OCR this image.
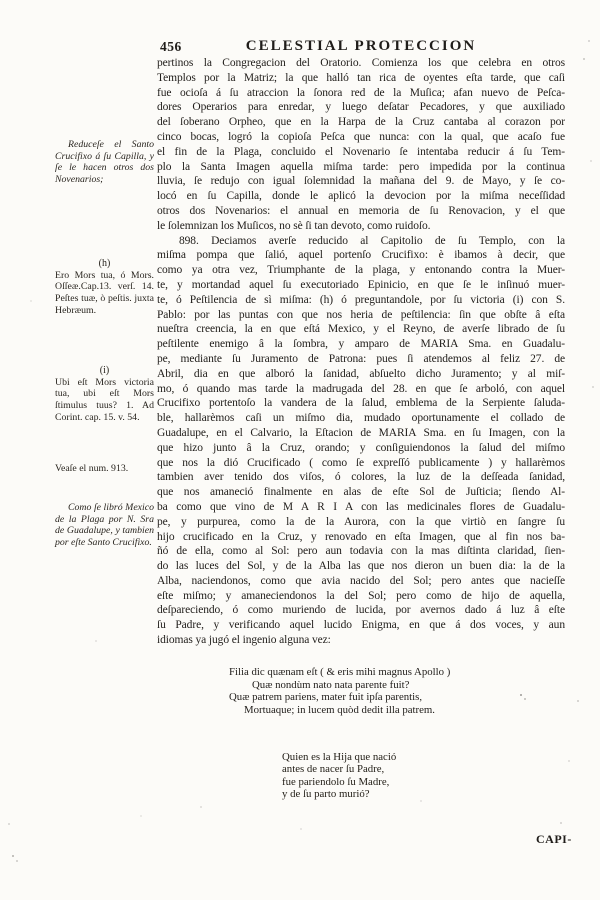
456	CELESTIAL PROTECCION
pertinos la Congregacion del Oratorio. Comienza los que celebra en otros
Templos por la Matriz; la que halló tan rica de oyentes eſta tarde, que caſi
fue ocioſa á ſu atraccion la ſonora red de la Muſica; afan nuevo de Peſca-
dores Operarios para enredar, y luego deſatar Pecadores, y que auxiliado
del ſoberano Orpheo, que en la Harpa de la Cruz cantaba al corazon por
cinco bocas, logró la copioſa Peſca que nunca: con la qual, que acaſo fue
el fin de la Plaga, concluido el Novenario ſe intentaba reducir á ſu Tem-
plo la Santa Imagen aquella miſma tarde: pero impedida por la continua
lluvia, ſe redujo con igual ſolemnidad la mañana del 9. de Mayo, y ſe co-
locó en ſu Capilla, donde le aplicó la devocion por la miſma neceſſidad
otros dos Novenarios: el annual en memoria de ſu Renovacion, y el que
le ſolemnizan los Muſicos, no sè ſi tan devoto, como ruidoſo.
898. Deciamos averſe reducido al Capitolio de ſu Templo, con la
miſma pompa que ſalió, aquel portenſo Crucifixo: è ibamos à decir, que
como ya otra vez, Triumphante de la plaga, y entonando contra la Muer-
te, y mortandad aquel ſu executoriado Epinicio, en que ſe le inſinuó muer-
te, ó Peſtilencia de sì miſma: (h) ó preguntandole, por ſu victoria (i) con S.
Pablo: por las puntas con que nos heria de peſtilencia: ſin que obſte â eſta
nueſtra creencia, la en que eſtá Mexico, y el Reyno, de averſe librado de ſu
peſtilente enemigo â la ſombra, y amparo de MARIA Sma. en Guadalu-
pe, mediante ſu Juramento de Patrona: pues ſi atendemos al feliz 27. de
Abril, dia en que alboró la ſanidad, abſuelto dicho Juramento; y al miſ-
mo, ó quando mas tarde la madrugada del 28. en que ſe arboló, con aquel
Crucifixo portentoſo la vandera de la ſalud, emblema de la Serpiente ſaluda-
ble, hallarèmos caſi un miſmo dia, mudado oportunamente el collado de
Guadalupe, en el Calvario, la Eſtacion de MARIA Sma. en ſu Imagen, con la
que hizo junto â la Cruz, orando; y conſiguiendonos la ſalud del miſmo
que nos la dió Crucificado ( como ſe expreſſó publicamente ) y hallarèmos
tambien aver tenido dos viſos, ó colores, la luz de la deſſeada ſanidad,
que nos amaneció finalmente en alas de eſte Sol de Juſticia; ſiendo Al-
ba como que vino de M A R I A con las medicinales flores de Guadalu-
pe, y purpurea, como la de la Aurora, con la que virtiò en ſangre ſu
hijo crucificado en la Cruz, y renovado en eſta Imagen, que al fin nos ba-
ñó de ella, como al Sol: pero aun todavia con la mas diſtinta claridad, ſien-
do las luces del Sol, y de la Alba las que nos dieron un buen dia: la de la
Alba, naciendonos, como que avia nacido del Sol; pero antes que nacieſſe
eſte miſmo; y amaneciendonos la del Sol; pero como de hijo de aquella,
deſpareciendo, ó como muriendo de lucida, por avernos dado á luz â eſte
ſu Padre, y verificando aquel lucido Enigma, en que á dos voces, y aun
idiomas ya jugó el ingenio alguna vez:
Reduceſe el Santo Crucifixo á ſu Capilla, y ſe le hacen otros dos Novenarios;
(h)
Ero Mors tua, ó Mors. Oſſeæ.Cap.13. verſ. 14. Peſtes tuæ, ò peſtis. juxta Hebræum.
(i)
Ubi eſt Mors victoria tua, ubi eſt Mors ſtimulus tuus? 1. Ad Corint. cap. 15. v. 54.
Veaſe el num. 913.
Como ſe libró Mexico de la Plaga por N. Sra de Guadalupe, y tambien por eſte Santo Crucifixo.
Filia dic quænam eſt ( & eris mihi magnus Apollo )
Quæ nondùm nato nata parente fuit?
Quæ patrem pariens, mater fuit ipſa parentis,
Mortuaque; in lucem quòd dedit illa patrem.
Quien es la Hija que nació
antes de nacer ſu Padre,
fue pariendolo ſu Madre,
y de ſu parto murió?
CAPI-
